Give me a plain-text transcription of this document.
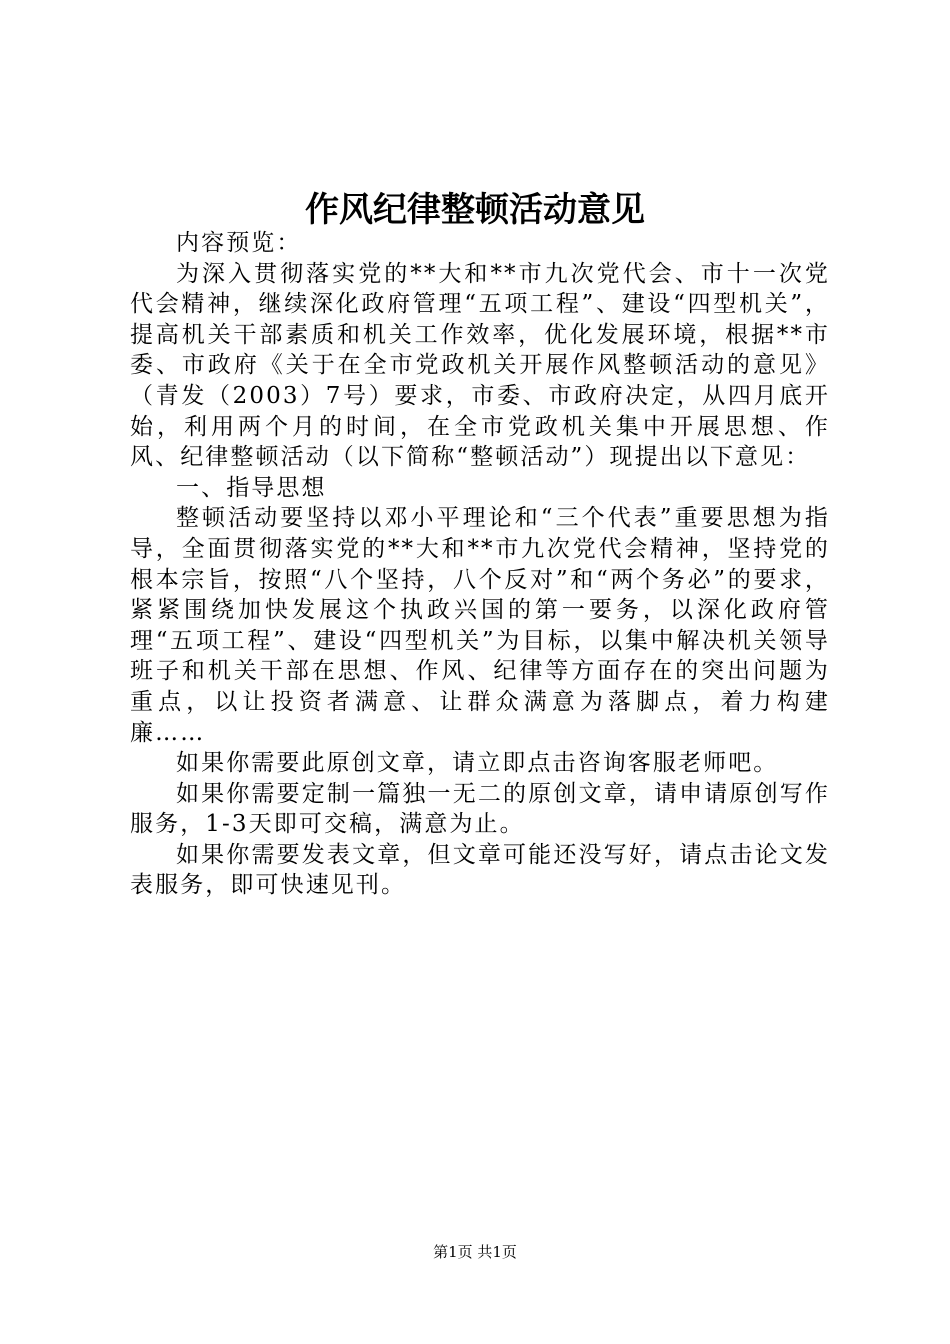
作风纪律整顿活动意见

内容预览：

为深入贯彻落实党的**大和**市九次党代会、市十一次党代会精神，继续深化政府管理“五项工程”、建设“四型机关”，提高机关干部素质和机关工作效率，优化发展环境，根据**市委、市政府《关于在全市党政机关开展作风整顿活动的意见》（青发（2003）7号）要求，市委、市政府决定，从四月底开始，利用两个月的时间，在全市党政机关集中开展思想、作风、纪律整顿活动（以下简称“整顿活动”）现提出以下意见：

一、指导思想

整顿活动要坚持以邓小平理论和“三个代表”重要思想为指导，全面贯彻落实党的**大和**市九次党代会精神，坚持党的根本宗旨，按照“八个坚持，八个反对”和“两个务必”的要求，紧紧围绕加快发展这个执政兴国的第一要务，以深化政府管理“五项工程”、建设“四型机关”为目标，以集中解决机关领导班子和机关干部在思想、作风、纪律等方面存在的突出问题为重点，以让投资者满意、让群众满意为落脚点，着力构建廉……

如果你需要此原创文章，请立即点击咨询客服老师吧。

如果你需要定制一篇独一无二的原创文章，请申请原创写作服务，1-3天即可交稿，满意为止。

如果你需要发表文章，但文章可能还没写好，请点击论文发表服务，即可快速见刊。

第1页 共1页
